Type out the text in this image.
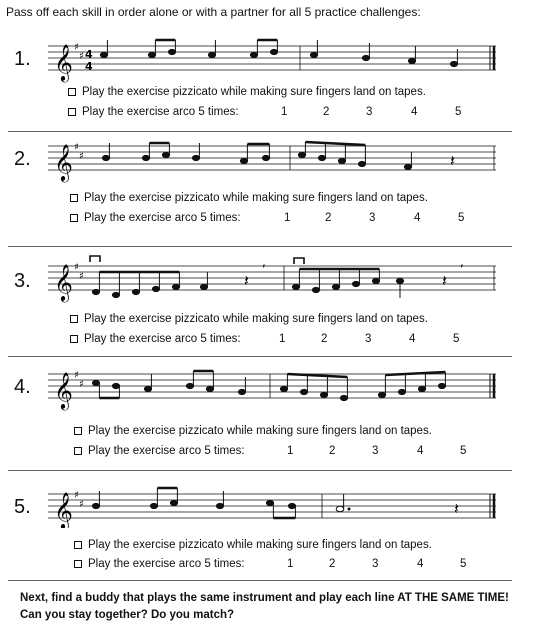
Pass off each skill in order alone or with a partner for all 5 practice challenges:
1. 𝄞 ♯
♯ 4
4
Play the exercise pizzicato while making sure fingers land on tapes.
Play the exercise arco 5 times:	1	2	3	4	5
2. 𝄞 ♯
♯	𝄽
Play the exercise pizzicato while making sure fingers land on tapes.
Play the exercise arco 5 times:	1	2	3	4	5
3. 𝄞 ♯
♯	𝄽	𝄽
,	,
Play the exercise pizzicato while making sure fingers land on tapes.
Play the exercise arco 5 times:	1	2	3	4	5
4. 𝄞 ♯
♯
Play the exercise pizzicato while making sure fingers land on tapes.
Play the exercise arco 5 times:	1	2	3	4	5
5. 𝄞 ♯
♯	𝄽
Play the exercise pizzicato while making sure fingers land on tapes.
Play the exercise arco 5 times:	1	2	3	4	5
Next, find a buddy that plays the same instrument and play each line AT THE SAME TIME!
Can you stay together? Do you match?
